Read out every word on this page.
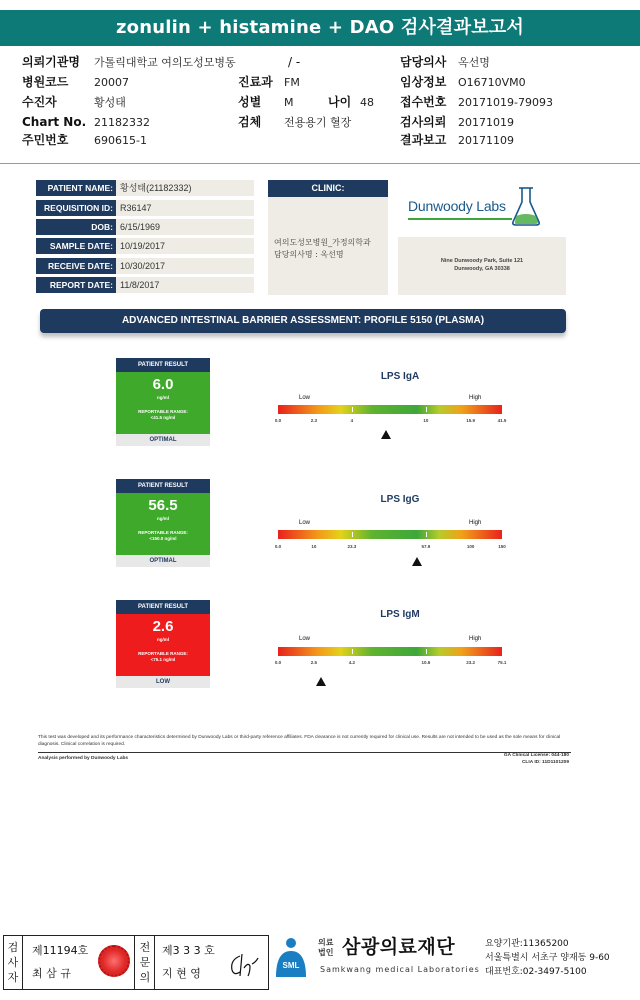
zonulin + histamine + DAO 검사결과보고서
의뢰기관명 가톨릭대학교 여의도성모병동
병원코드 20007
수진자	황성태
Chart No. 21182332
주민번호 690615-1
/ -
진료과 FM
성별 M	나이 48
검체 전용용기 혈장
담당의사 옥선명
임상정보 O16710VM0
접수번호 20171019-79093
검사의뢰 20171019
결과보고 20171109
PATIENT NAME: 황성태(21182332)
REQUISITION ID: R36147
DOB: 6/15/1969
SAMPLE DATE: 10/19/2017
RECEIVE DATE: 10/30/2017
REPORT DATE: 11/8/2017
CLINIC:
여의도성모병원_가정의학과
담당의사명 : 옥선명
Dunwoody Labs
Nine Dunwoody Park, Suite 121
Dunwoody, GA 30338
ADVANCED INTESTINAL BARRIER ASSESSMENT: PROFILE 5150 (PLASMA)
PATIENT RESULT
6.0
ng/ml
REPORTABLE RANGE:
<41.5 ng/ml
OPTIMAL
PATIENT RESULT
56.5
ng/ml
REPORTABLE RANGE:
<150.0 ng/ml
OPTIMAL
PATIENT RESULT
2.6
ng/ml
REPORTABLE RANGE:
<75.1 ng/ml
LOW
LPS IgA
Low	High
LPS IgG
Low	High
LPS IgM
Low	High
This test was developed and its performance characteristics determined by Dunwoody Labs or third-party reference affiliates. FDA clearance is not currently required for clinical use. Results are not intended to be used as the sole means for clinical diagnosis. Clinical correlation is required.
Analysis performed by Dunwoody Labs
GA Clinical License: 044-180
CLIA ID: 11D1101209
검사자
제11194호
최 삼 규
전문의
제3 3 3 호
지 현 영
SML
의료
법인 삼광의료재단
Samkwang medical Laboratories
요양기관:11365200
서울특별시 서초구 양재동 9-60
대표번호:02-3497-5100
0.0	2.3	4	10	15.9	41.5
0.0	10	23.3	57.9	100	150
0.0	2.5	4.2	10.6	23.2	75.1
